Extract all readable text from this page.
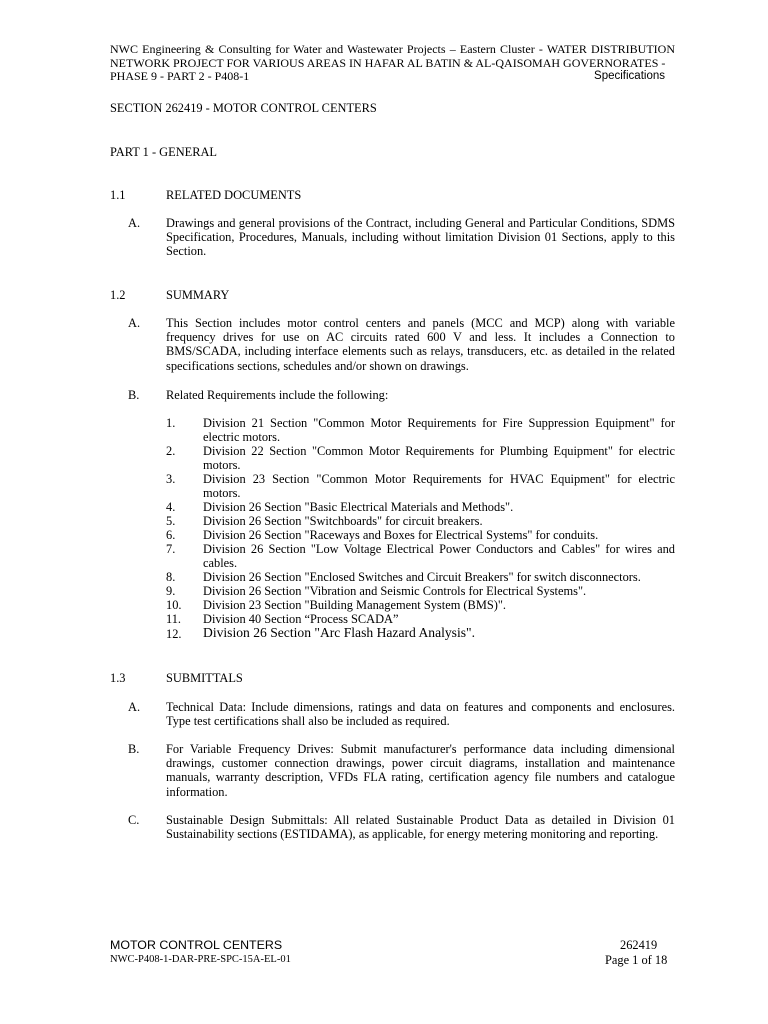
NWC Engineering & Consulting for Water and Wastewater Projects – Eastern Cluster - WATER DISTRIBUTION NETWORK PROJECT FOR VARIOUS AREAS IN HAFAR AL BATIN & AL-QAISOMAH GOVERNORATES -
PHASE 9 - PART 2 - P408-1	Specifications
SECTION 262419 - MOTOR CONTROL CENTERS
PART 1 - GENERAL
1.1	RELATED DOCUMENTS
A. Drawings and general provisions of the Contract, including General and Particular Conditions, SDMS Specification, Procedures, Manuals, including without limitation Division 01 Sections, apply to this Section.
1.2	SUMMARY
A. This Section includes motor control centers and panels (MCC and MCP) along with variable frequency drives for use on AC circuits rated 600 V and less. It includes a Connection to BMS/SCADA, including interface elements such as relays, transducers, etc. as detailed in the related specifications sections, schedules and/or shown on drawings.
B. Related Requirements include the following:
1. Division 21 Section "Common Motor Requirements for Fire Suppression Equipment" for electric motors.
2. Division 22 Section "Common Motor Requirements for Plumbing Equipment" for electric motors.
3. Division 23 Section "Common Motor Requirements for HVAC Equipment" for electric motors.
4. Division 26 Section "Basic Electrical Materials and Methods".
5. Division 26 Section "Switchboards" for circuit breakers.
6. Division 26 Section "Raceways and Boxes for Electrical Systems" for conduits.
7. Division 26 Section "Low Voltage Electrical Power Conductors and Cables" for wires and cables.
8. Division 26 Section "Enclosed Switches and Circuit Breakers" for switch disconnectors.
9. Division 26 Section "Vibration and Seismic Controls for Electrical Systems".
10. Division 23 Section "Building Management System (BMS)".
11. Division 40 Section “Process SCADA”
12. Division 26 Section "Arc Flash Hazard Analysis".
1.3	SUBMITTALS
A. Technical Data: Include dimensions, ratings and data on features and components and enclosures. Type test certifications shall also be included as required.
B. For Variable Frequency Drives: Submit manufacturer's performance data including dimensional drawings, customer connection drawings, power circuit diagrams, installation and maintenance manuals, warranty description, VFDs FLA rating, certification agency file numbers and catalogue information.
C. Sustainable Design Submittals: All related Sustainable Product Data as detailed in Division 01 Sustainability sections (ESTIDAMA), as applicable, for energy metering monitoring and reporting.
MOTOR CONTROL CENTERS	262419
NWC-P408-1-DAR-PRE-SPC-15A-EL-01	Page 1 of 18
